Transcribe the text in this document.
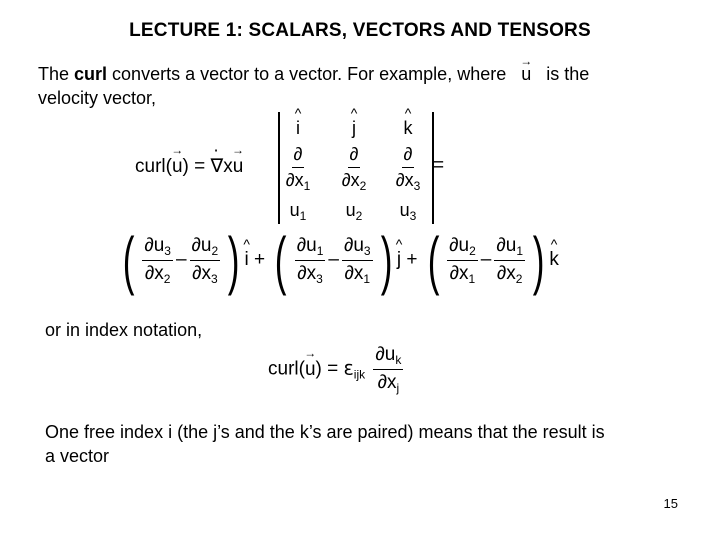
LECTURE 1: SCALARS, VECTORS AND TENSORS
The curl converts a vector to a vector. For example, where   → u   is the
velocity vector,
curl(→ u) = · ∇x→ u
^ i	^ j	^ k
$\frac{\partial}{\partial x_1} \frac{\partial}{\partial x_2} \frac{\partial}{\partial x_3}$
$u_1$	$u_2$	$u_3$
=
( $\frac{\partial u_3}{\partial x_2} - \frac{\partial u_2}{\partial x_3}$ ) ^ i + ( $\frac{\partial u_1}{\partial x_3} - \frac{\partial u_3}{\partial x_1}$ ) ^ j + ( $\frac{\partial u_2}{\partial x_1} - \frac{\partial u_1}{\partial x_2}$ ) ^ k
or in index notation,
curl(→ $u) = \varepsilon_{ijk} \frac{\partial u_k}{\partial x_j}$
One free index i (the j’s and the k’s are paired) means that the result is
a vector
15
